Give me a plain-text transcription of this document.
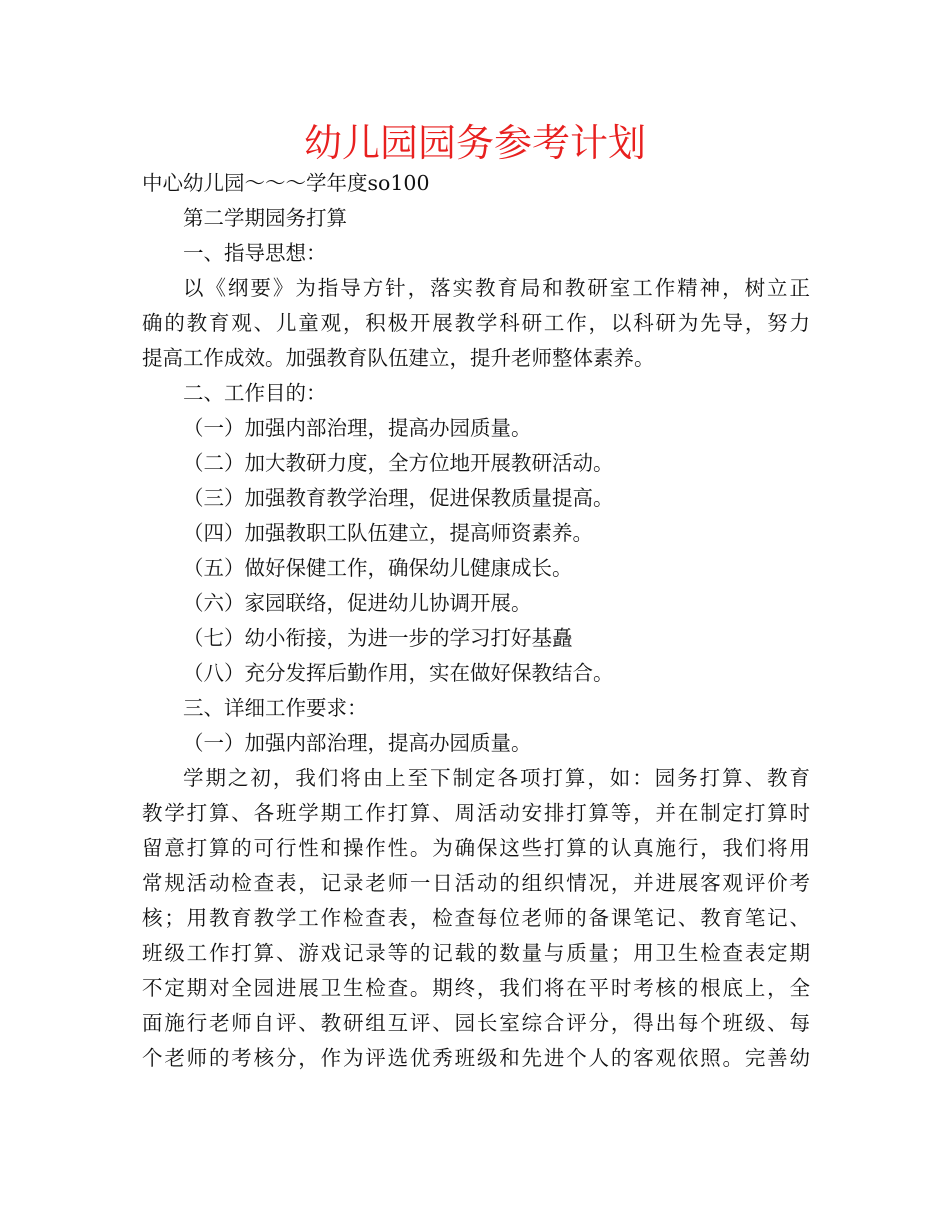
幼儿园园务参考计划
中心幼儿园～～～学年度so100
第二学期园务打算
一、指导思想：
以《纲要》为指导方针，落实教育局和教研室工作精神，树立正
确的教育观、儿童观，积极开展教学科研工作，以科研为先导，努力
提高工作成效。加强教育队伍建立，提升老师整体素养。
二、工作目的：
（一）加强内部治理，提高办园质量。
（二）加大教研力度，全方位地开展教研活动。
（三）加强教育教学治理，促进保教质量提高。
（四）加强教职工队伍建立，提高师资素养。
（五）做好保健工作，确保幼儿健康成长。
（六）家园联络，促进幼儿协调开展。
（七）幼小衔接，为进一步的学习打好基矗
（八）充分发挥后勤作用，实在做好保教结合。
三、详细工作要求：
（一）加强内部治理，提高办园质量。
学期之初，我们将由上至下制定各项打算，如：园务打算、教育
教学打算、各班学期工作打算、周活动安排打算等，并在制定打算时
留意打算的可行性和操作性。为确保这些打算的认真施行，我们将用
常规活动检查表，记录老师一日活动的组织情况，并进展客观评价考
核；用教育教学工作检查表，检查每位老师的备课笔记、教育笔记、
班级工作打算、游戏记录等的记载的数量与质量；用卫生检查表定期
不定期对全园进展卫生检查。期终，我们将在平时考核的根底上，全
面施行老师自评、教研组互评、园长室综合评分，得出每个班级、每
个老师的考核分，作为评选优秀班级和先进个人的客观依照。完善幼
